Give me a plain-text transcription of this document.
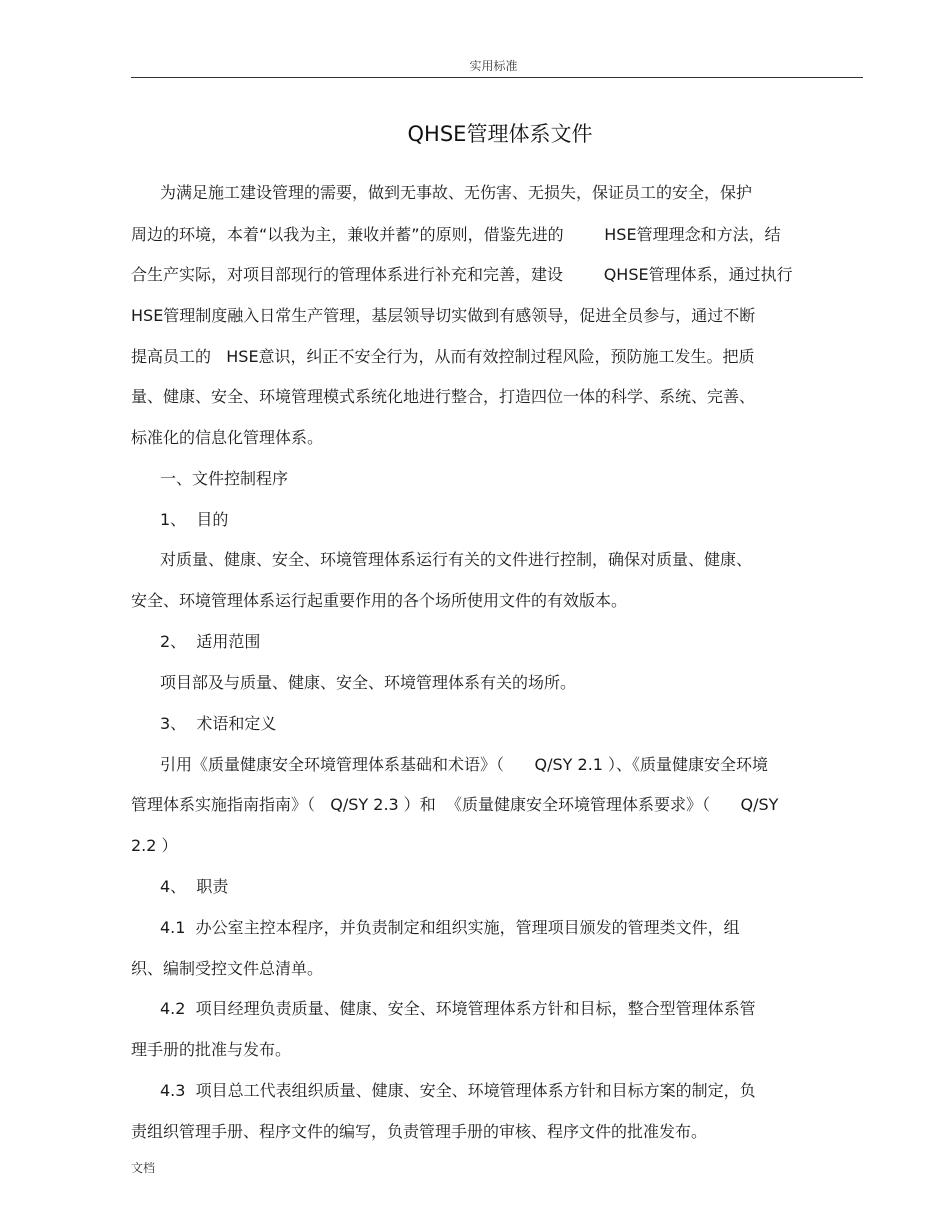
实用标准
QHSE管理体系文件
为满足施工建设管理的需要，做到无事故、无伤害、无损失，保证员工的安全，保护
周边的环境，本着“以我为主，兼收并蓄”的原则，借鉴先进的        HSE管理理念和方法，结
合生产实际，对项目部现行的管理体系进行补充和完善，建设        QHSE管理体系，通过执行
HSE管理制度融入日常生产管理，基层领导切实做到有感领导，促进全员参与，通过不断
提高员工的   HSE意识，纠正不安全行为，从而有效控制过程风险，预防施工发生。把质
量、健康、安全、环境管理模式系统化地进行整合，打造四位一体的科学、系统、完善、
标准化的信息化管理体系。
一、文件控制程序
1、  目的
对质量、健康、安全、环境管理体系运行有关的文件进行控制，确保对质量、健康、
安全、环境管理体系运行起重要作用的各个场所使用文件的有效版本。
2、  适用范围
项目部及与质量、健康、安全、环境管理体系有关的场所。
3、  术语和定义
引用《质量健康安全环境管理体系基础和术语》（      Q/SY 2.1 ）、《质量健康安全环境
管理体系实施指南指南》（   Q/SY 2.3 ）和  《质量健康安全环境管理体系要求》（      Q/SY
2.2 ）
4、  职责
4.1  办公室主控本程序，并负责制定和组织实施，管理项目颁发的管理类文件，组
织、编制受控文件总清单。
4.2  项目经理负责质量、健康、安全、环境管理体系方针和目标，整合型管理体系管
理手册的批准与发布。
4.3  项目总工代表组织质量、健康、安全、环境管理体系方针和目标方案的制定，负
责组织管理手册、程序文件的编写，负责管理手册的审核、程序文件的批准发布。
文档
